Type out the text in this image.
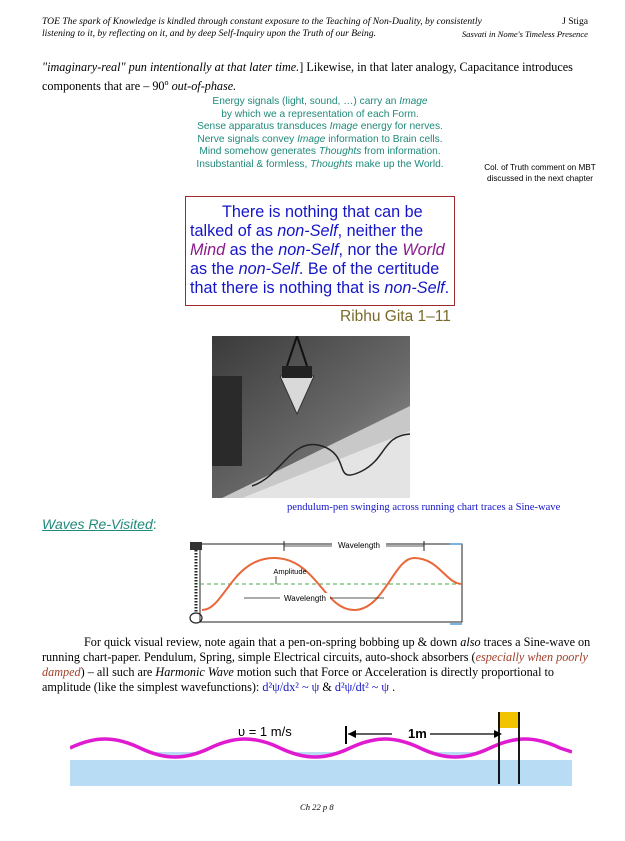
TOE The spark of Knowledge is kindled through constant exposure to the Teaching of Non-Duality, by consistently
listening to it, by reflecting on it, and by deep Self-Inquiry upon the Truth of our Being.
J Stiga
Sasvati in Nome's Timeless Presence
"imaginary-real" pun intentionally at that later time.] Likewise, in that later analogy, Capacitance introduces components that are – 90$^o$ out-of-phase.
Energy signals (light, sound, …) carry an Image
by which we a representation of each Form.
Sense apparatus transduces Image energy for nerves.
Nerve signals convey Image information to Brain cells.
Mind somehow generates Thoughts from information.
Insubstantial & formless, Thoughts make up the World.	Col. of Truth comment on MBT
discussed in the next chapter
There is nothing that can be
talked of as non-Self, neither the
Mind as the non-Self, nor the World
as the non-Self. Be of the certitude
that there is nothing that is non-Self.
Ribhu Gita 1–11
pendulum-pen swinging across running chart traces a Sine-wave
Waves Re-Visited:
Wavelength
Amplitude
Wavelength
For quick visual review, note again that a pen-on-spring bobbing up & down also traces a Sine-wave on running chart-paper. Pendulum, Spring, simple Electrical circuits, auto-shock absorbers (especially when poorly damped) – all such are Harmonic Wave motion such that Force or Acceleration is directly proportional to amplitude (like the simplest wavefunctions): d²ψ/dx² ~ ψ & d²ψ/dt² ~ ψ .
υ = 1 m/s	1m
Ch 22 p 8
